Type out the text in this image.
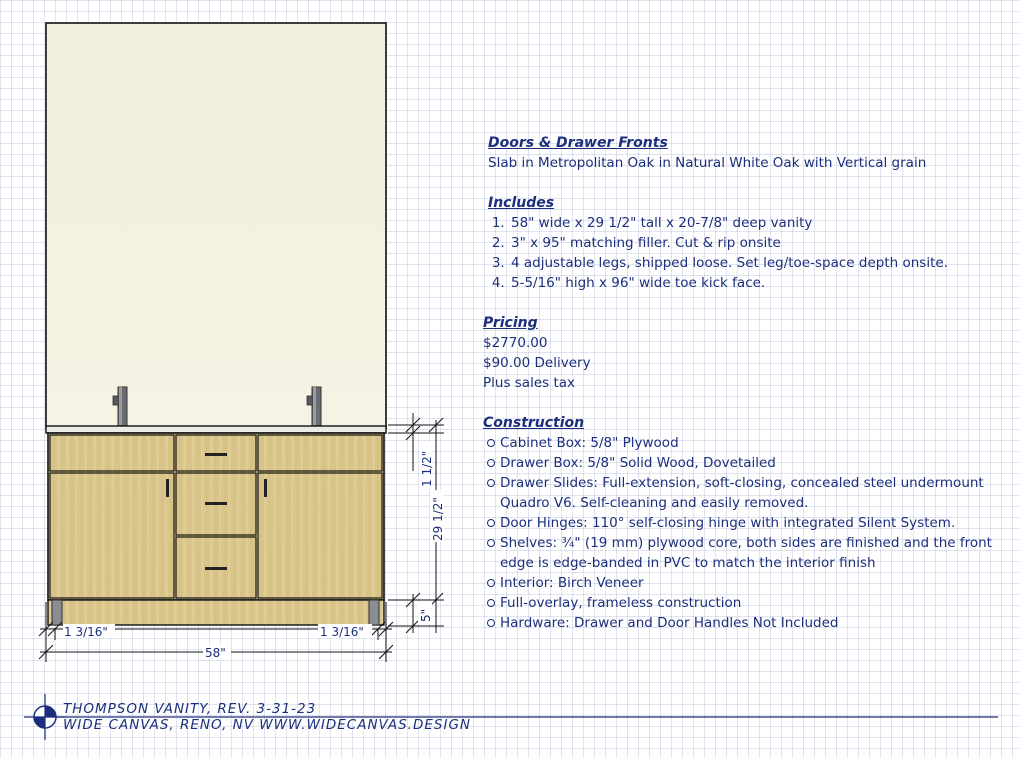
1 3/16"	1 3/16"
58"
1 1/2"
29 1/2"
5"
Doors & Drawer Fronts

Slab in Metropolitan Oak in Natural White Oak with Vertical grain

Includes
1. 58" wide x 29 1/2" tall x 20-7/8" deep vanity
2. 3" x 95" matching filler. Cut & rip onsite
3. 4 adjustable legs, shipped loose. Set leg/toe-space depth onsite.
4. 5-5/16" high x 96" wide toe kick face.
Pricing

$2770.00

$90.00 Delivery

Plus sales tax

Construction
Cabinet Box: 5/8" Plywood
Drawer Box: 5/8" Solid Wood, Dovetailed
Drawer Slides: Full-extension, soft-closing, concealed steel undermount Quadro V6. Self-cleaning and easily removed.
Door Hinges: 110° self-closing hinge with integrated Silent System.
Shelves: ¾" (19 mm) plywood core, both sides are finished and the front edge is edge-banded in PVC to match the interior finish
Interior: Birch Veneer
Full-overlay, frameless construction
Hardware: Drawer and Door Handles Not Included
THOMPSON VANITY, REV. 3-31-23
WIDE CANVAS, RENO, NV WWW.WIDECANVAS.DESIGN
